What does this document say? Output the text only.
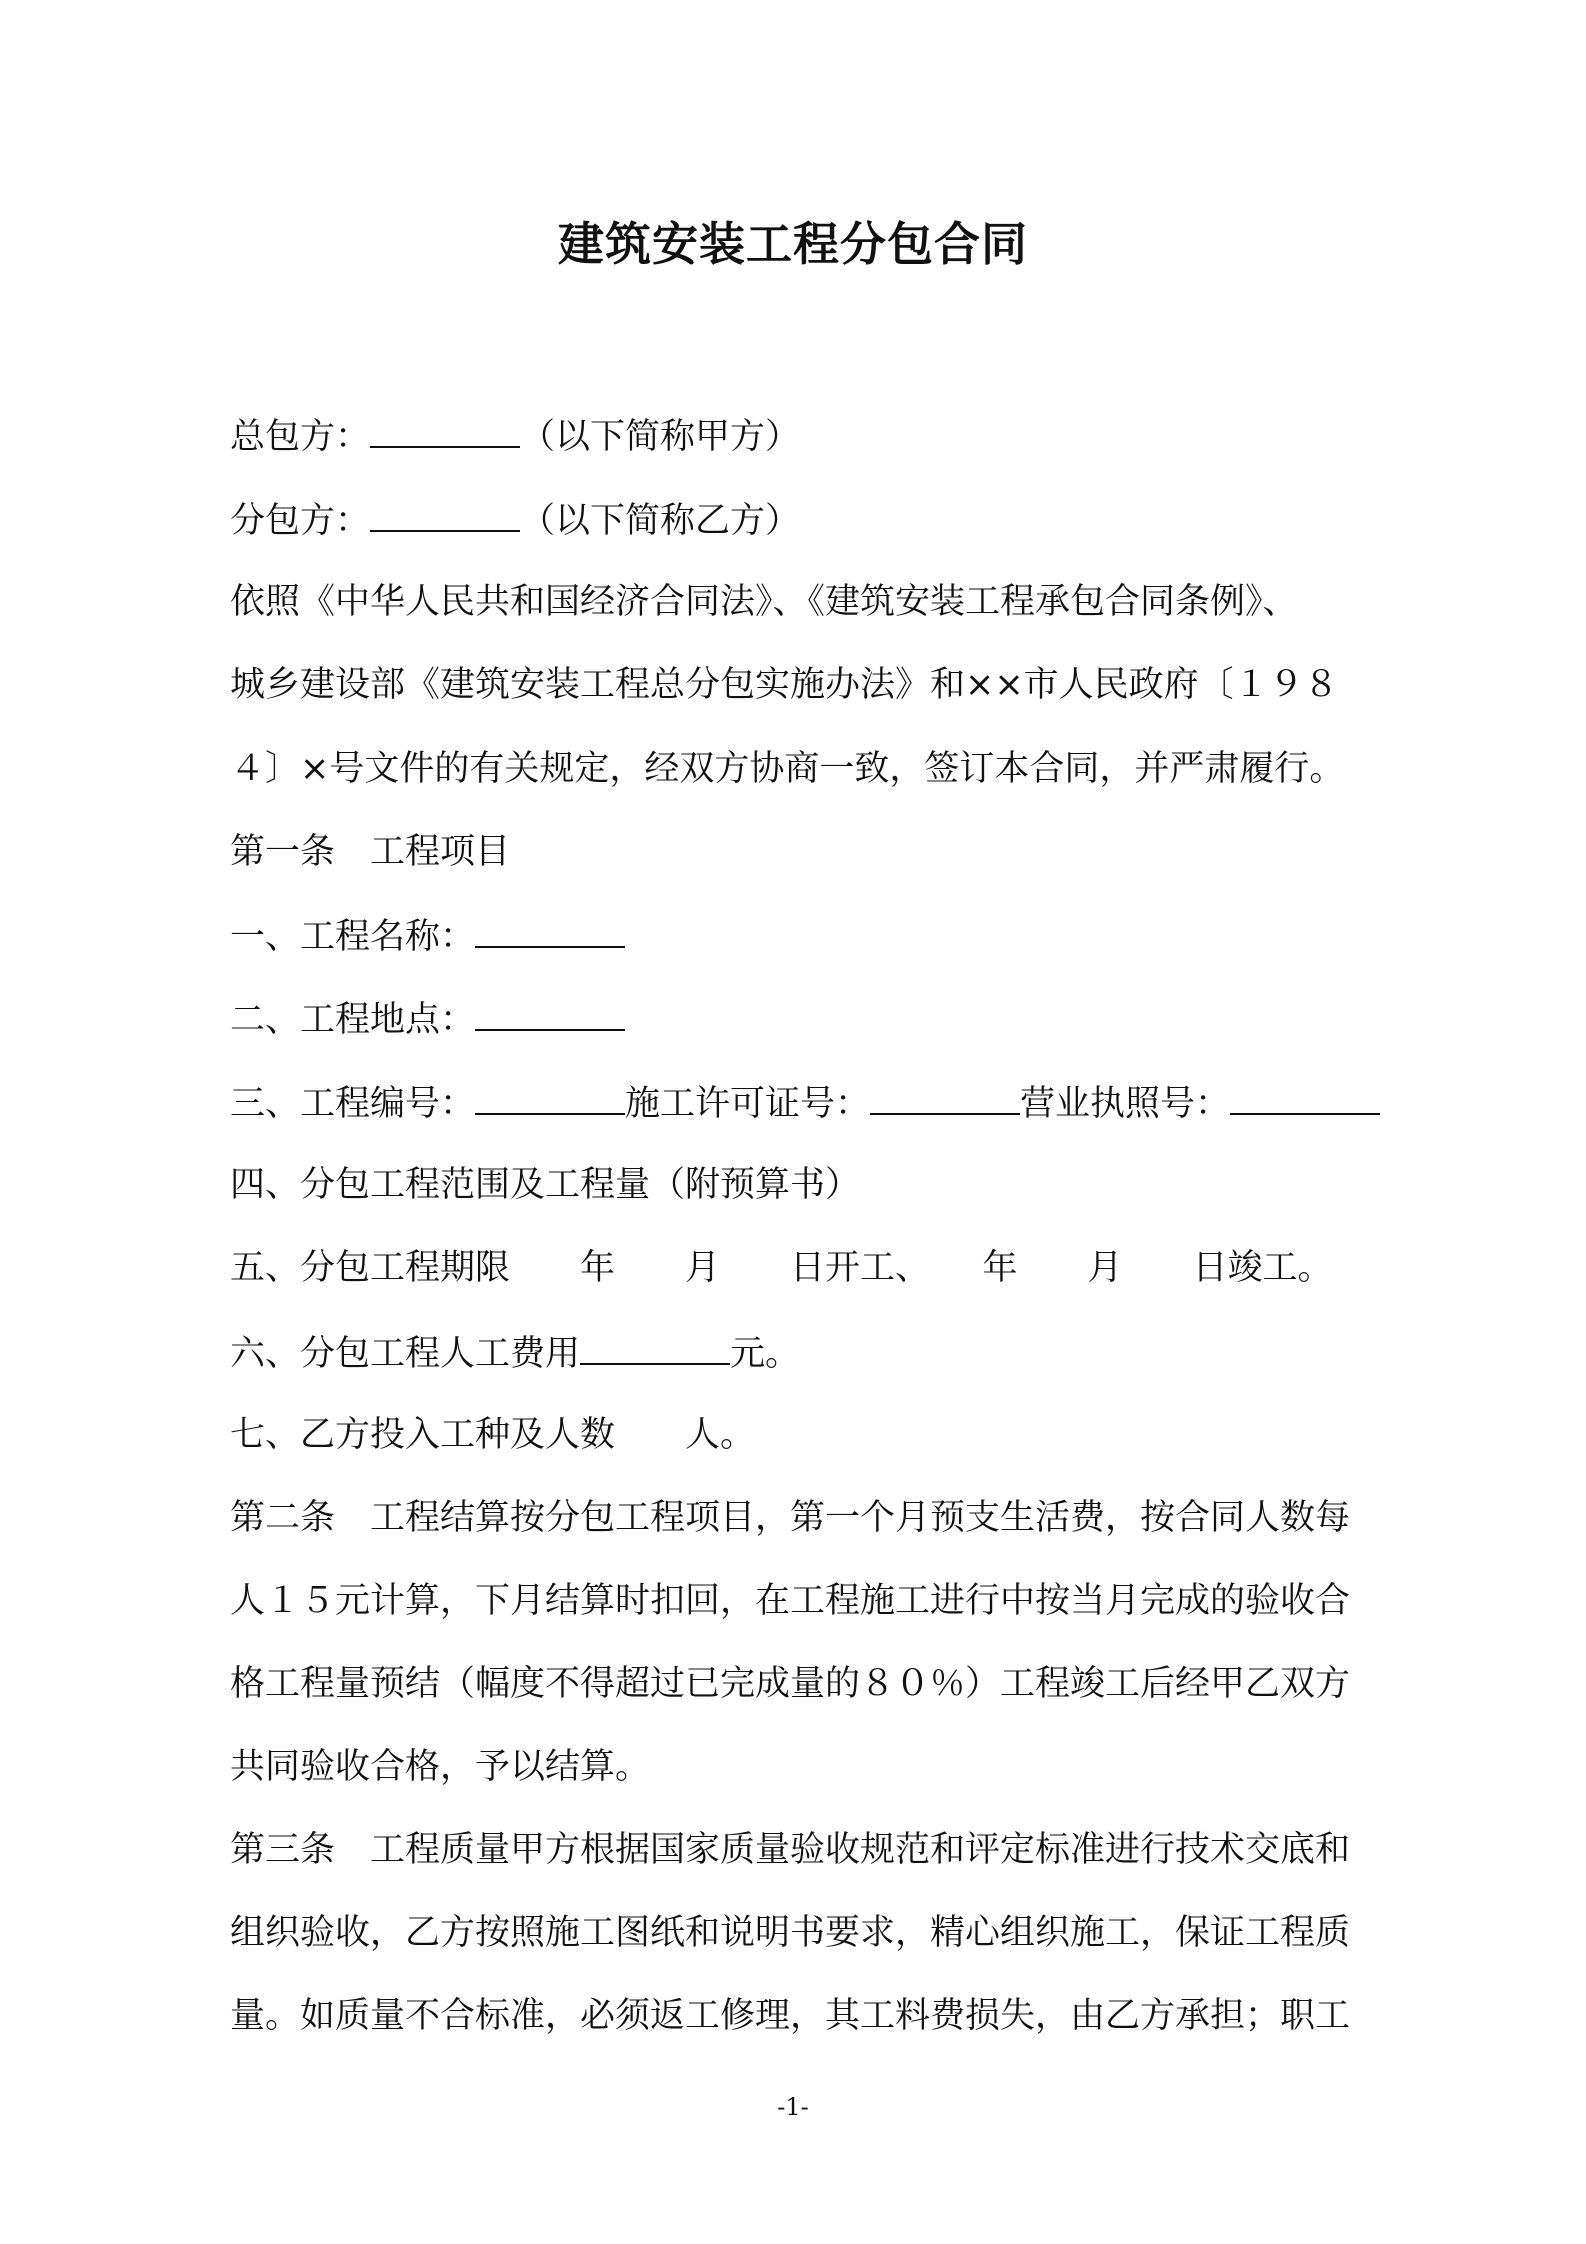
建筑安装工程分包合同
总包方：	（以下简称甲方）
分包方：	（以下简称乙方）
依照《中华人民共和国经济合同法》、《建筑安装工程承包合同条例》、
城乡建设部《建筑安装工程总分包实施办法》和××市人民政府〔１９８
４〕×号文件的有关规定，经双方协商一致，签订本合同，并严肃履行。
第一条　工程项目
一、工程名称：
二、工程地点：
三、工程编号：	施工许可证号：	营业执照号：
四、分包工程范围及工程量（附预算书）
五、分包工程期限　　年　　月　　日开工、　　年　　月　　日竣工。
六、分包工程人工费用	元。
七、乙方投入工种及人数　　人。
第二条　工程结算按分包工程项目，第一个月预支生活费，按合同人数每
人１５元计算，下月结算时扣回，在工程施工进行中按当月完成的验收合
格工程量预结（幅度不得超过已完成量的８０％）工程竣工后经甲乙双方
共同验收合格，予以结算。
第三条　工程质量甲方根据国家质量验收规范和评定标准进行技术交底和
组织验收，乙方按照施工图纸和说明书要求，精心组织施工，保证工程质
量。如质量不合标准，必须返工修理，其工料费损失，由乙方承担；职工
-1-
